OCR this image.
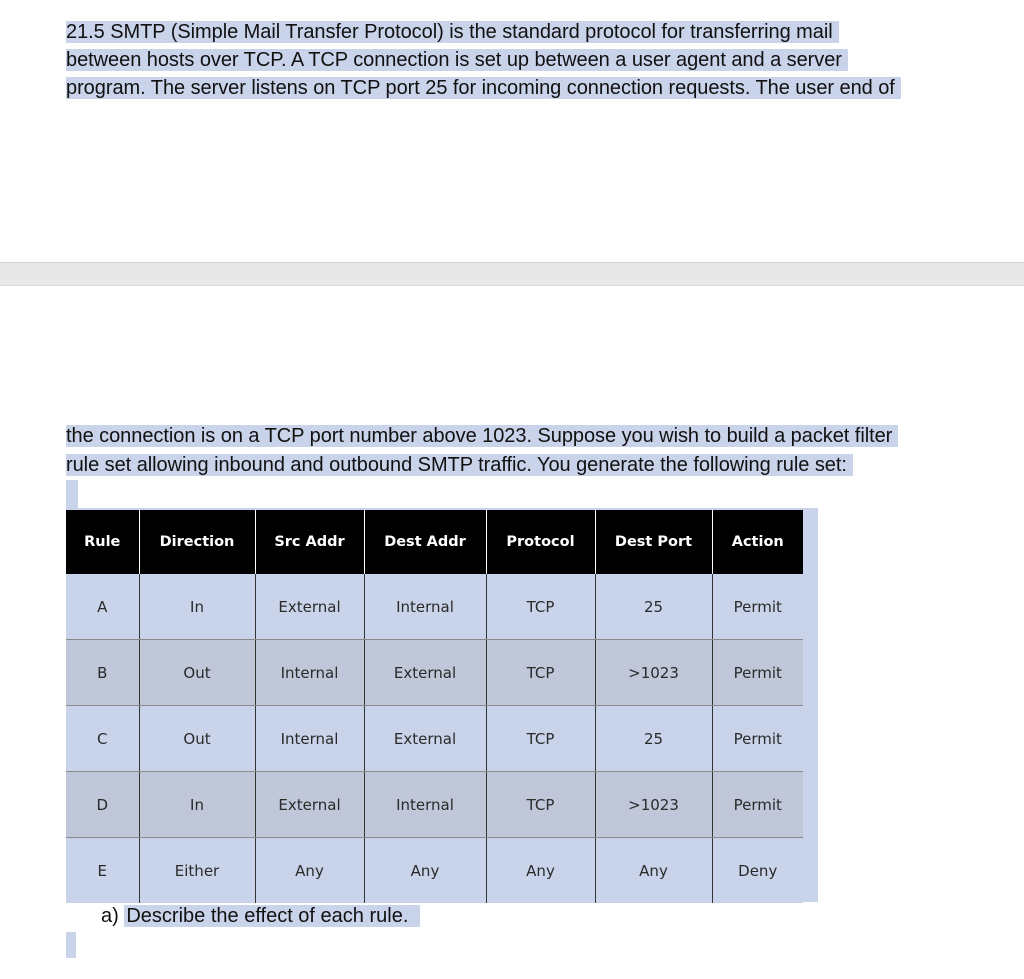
21.5 SMTP (Simple Mail Transfer Protocol) is the standard protocol for transferring mail
between hosts over TCP. A TCP connection is set up between a user agent and a server
program. The server listens on TCP port 25 for incoming connection requests. The user end of
the connection is on a TCP port number above 1023. Suppose you wish to build a packet filter
rule set allowing inbound and outbound SMTP traffic. You generate the following rule set:
Rule	Direction	Src Addr	Dest Addr	Protocol	Dest Port	Action
A	In	External	Internal	TCP	25	Permit
B	Out	Internal	External	TCP	>1023	Permit
C	Out	Internal	External	TCP	25	Permit
D	In	External	Internal	TCP	>1023	Permit
E	Either	Any	Any	Any	Any	Deny
a) Describe the effect of each rule.
